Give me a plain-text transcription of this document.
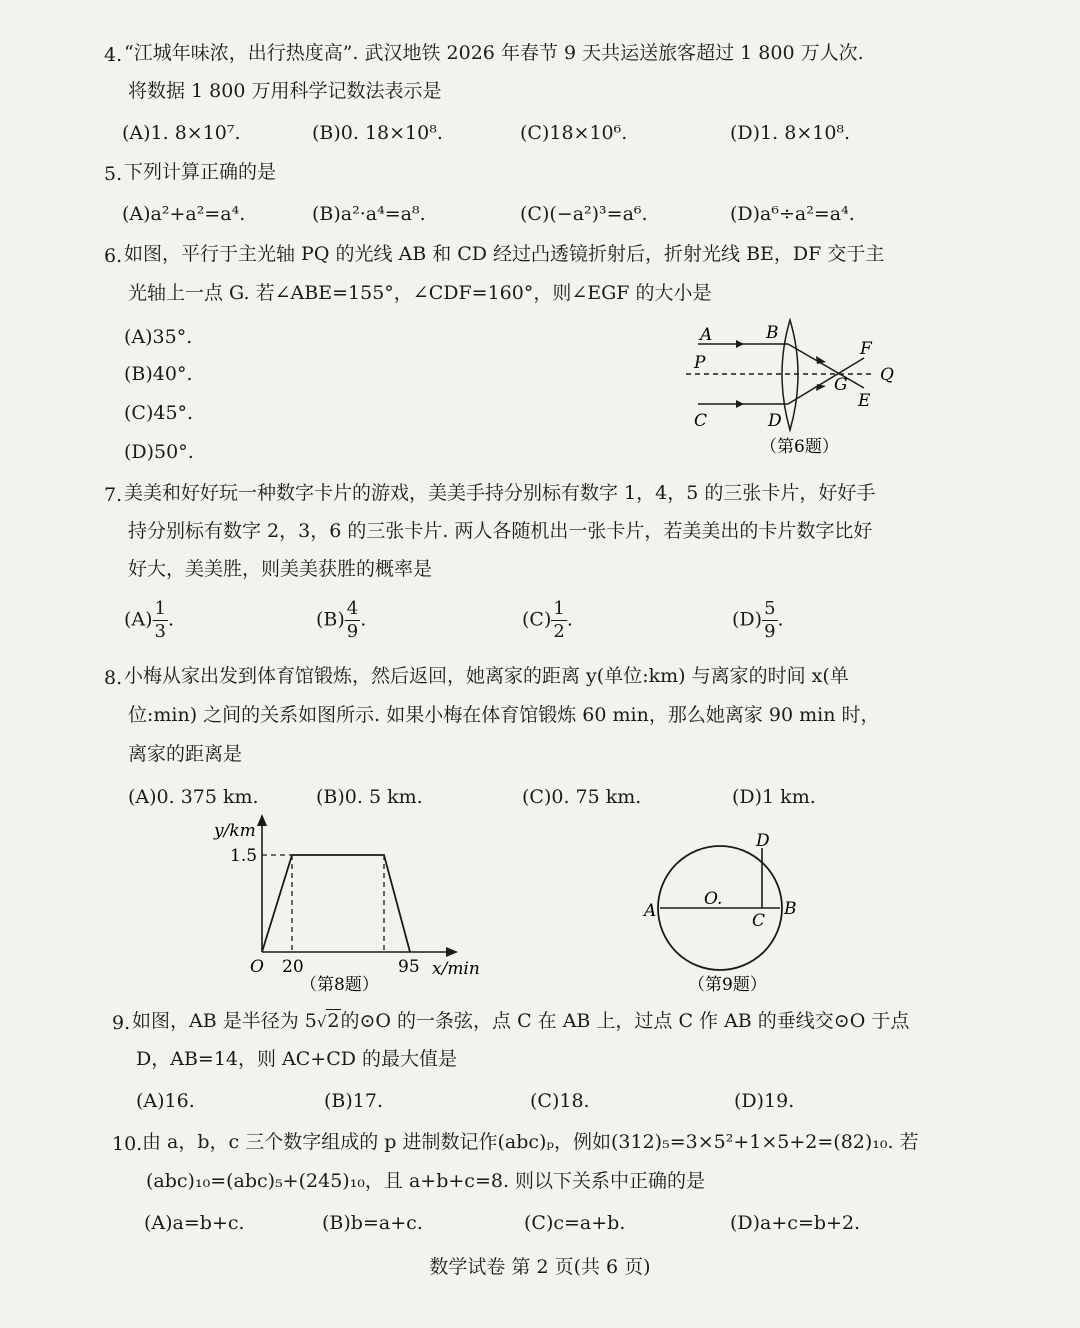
4. “江城年味浓，出行热度高”. 武汉地铁 2026 年春节 9 天共运送旅客超过 1 800 万人次.
将数据 1 800 万用科学记数法表示是
(A)1. 8×10⁷.	(B)0. 18×10⁸.	(C)18×10⁶.	(D)1. 8×10⁸.
5. 下列计算正确的是
(A)a²+a²=a⁴.	(B)a²·a⁴=a⁸.	(C)(−a²)³=a⁶.	(D)a⁶÷a²=a⁴.
6. 如图，平行于主光轴 PQ 的光线 AB 和 CD 经过凸透镜折射后，折射光线 BE，DF 交于主
光轴上一点 G. 若∠ABE=155°，∠CDF=160°，则∠EGF 的大小是
(A)35°.
(B)40°.
(C)45°.
(D)50°.
A	B
P
C	D
F
G Q
E
（第6题）
7. 美美和好好玩一种数字卡片的游戏，美美手持分别标有数字 1，4，5 的三张卡片，好好手
持分别标有数字 2，3，6 的三张卡片. 两人各随机出一张卡片，若美美出的卡片数字比好
好大，美美胜，则美美获胜的概率是
$(A) \frac{1}{3}$ .	$(B) \frac{4}{9}$ .	$(C) \frac{1}{2}$ .	$(D) \frac{5}{9}$ .
8. 小梅从家出发到体育馆锻炼，然后返回，她离家的距离 y(单位:km) 与离家的时间 x(单
位:min) 之间的关系如图所示. 如果小梅在体育馆锻炼 60 min，那么她离家 90 min 时，
离家的距离是
(A)0. 375 km.	(B)0. 5 km.	(C)0. 75 km.	(D)1 km.
y/km
1.5
O 20	95 x/min
（第8题）
A	B
C
D
O.
（第9题）
9. 如图，AB 是半径为 5√2的⊙O 的一条弦，点 C 在 AB 上，过点 C 作 AB 的垂线交⊙O 于点
D，AB=14，则 AC+CD 的最大值是
(A)16.	(B)17.	(C)18.	(D)19.
10. 由 a，b，c 三个数字组成的 p 进制数记作(abc)ₚ，例如(312)₅=3×5²+1×5+2=(82)₁₀. 若
(abc)₁₀=(abc)₅+(245)₁₀，且 a+b+c=8. 则以下关系中正确的是
(A)a=b+c.	(B)b=a+c.	(C)c=a+b.	(D)a+c=b+2.
数学试卷 第 2 页(共 6 页)
